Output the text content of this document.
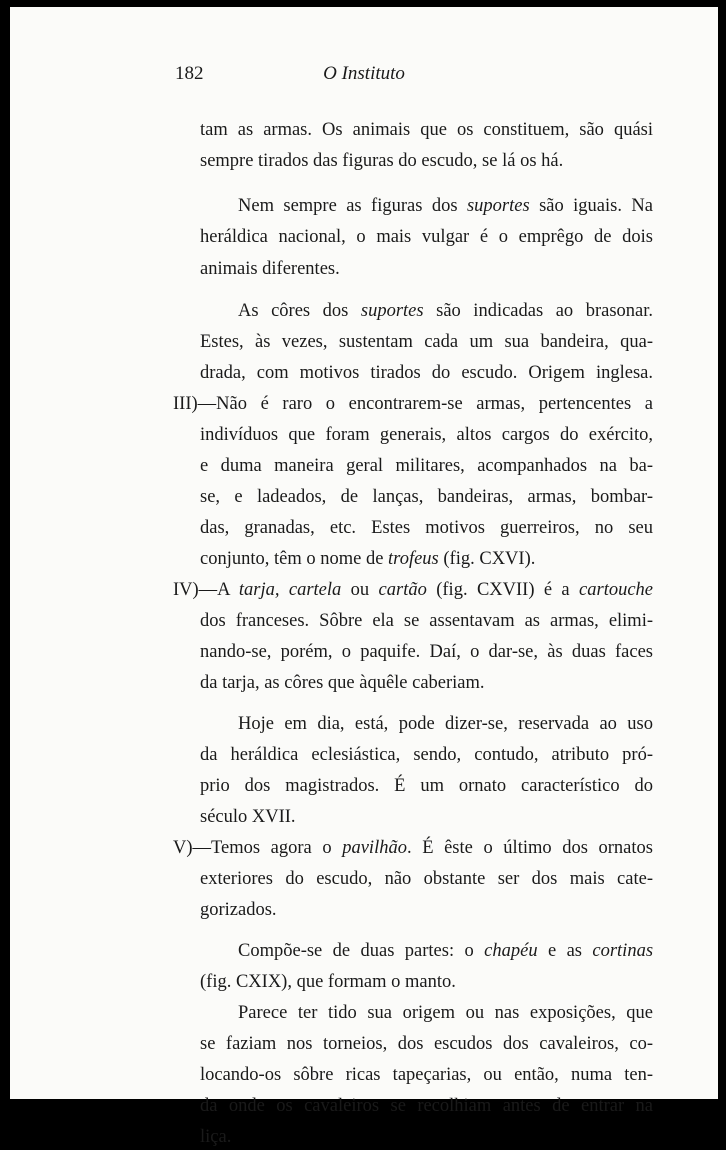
182	O Instituto
tam as armas. Os animais que os constituem, são quási
sempre tirados das figuras do escudo, se lá os há.
Nem sempre as figuras dos suportes são iguais. Na
heráldica nacional, o mais vulgar é o emprêgo de dois
animais diferentes.
As côres dos suportes são indicadas ao brasonar.
Estes, às vezes, sustentam cada um sua bandeira, qua-
drada, com motivos tirados do escudo. Origem inglesa.
III)—Não é raro o encontrarem-se armas, pertencentes a
indivíduos que foram generais, altos cargos do exército,
e duma maneira geral militares, acompanhados na ba-
se, e ladeados, de lanças, bandeiras, armas, bombar-
das, granadas, etc. Estes motivos guerreiros, no seu
conjunto, têm o nome de trofeus (fig. CXVI).
IV)—A tarja, cartela ou cartão (fig. CXVII) é a cartouche
dos franceses. Sôbre ela se assentavam as armas, elimi-
nando-se, porém, o paquife. Daí, o dar-se, às duas faces
da tarja, as côres que àquêle caberiam.
Hoje em dia, está, pode dizer-se, reservada ao uso
da heráldica eclesiástica, sendo, contudo, atributo pró-
prio dos magistrados. É um ornato característico do
século XVII.
V)—Temos agora o pavilhão. É êste o último dos ornatos
exteriores do escudo, não obstante ser dos mais cate-
gorizados.
Compõe-se de duas partes: o chapéu e as cortinas
(fig. CXIX), que formam o manto.
Parece ter tido sua origem ou nas exposições, que
se faziam nos torneios, dos escudos dos cavaleiros, co-
locando-os sôbre ricas tapeçarias, ou então, numa ten-
da onde os cavaleiros se recolhiam antes de entrar na
liça.
